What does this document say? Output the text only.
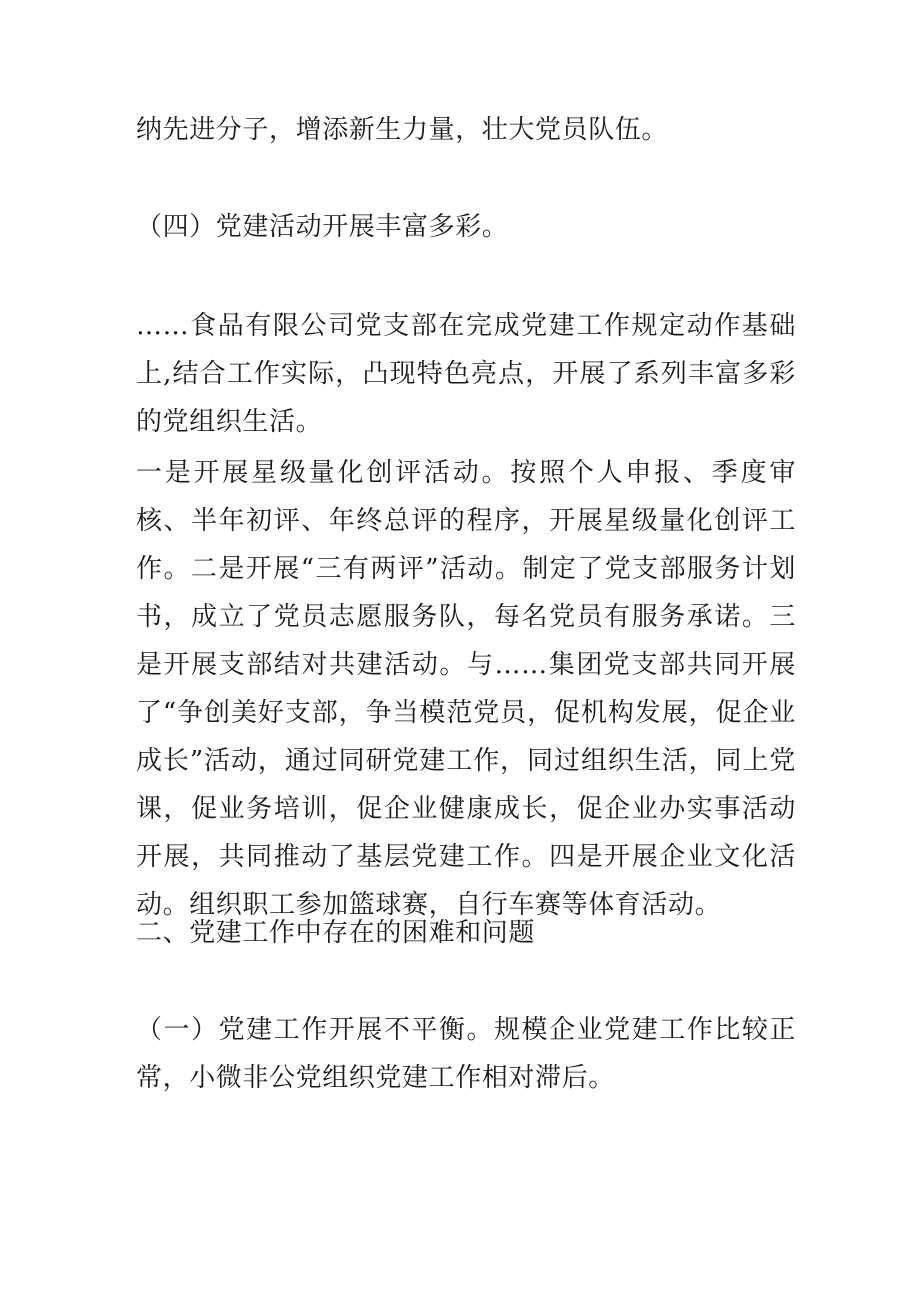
纳先进分子，增添新生力量，壮大党员队伍。

（四）党建活动开展丰富多彩。

……食品有限公司党支部在完成党建工作规定动作基础上,结合工作实际，凸现特色亮点，开展了系列丰富多彩的党组织生活。

一是开展星级量化创评活动。按照个人申报、季度审核、半年初评、年终总评的程序，开展星级量化创评工作。二是开展“三有两评”活动。制定了党支部服务计划书，成立了党员志愿服务队，每名党员有服务承诺。三是开展支部结对共建活动。与……集团党支部共同开展了“争创美好支部，争当模范党员，促机构发展，促企业成长”活动，通过同研党建工作，同过组织生活，同上党课，促业务培训，促企业健康成长，促企业办实事活动开展，共同推动了基层党建工作。四是开展企业文化活动。组织职工参加篮球赛，自行车赛等体育活动。

二、党建工作中存在的困难和问题

（一）党建工作开展不平衡。规模企业党建工作比较正常，小微非公党组织党建工作相对滞后。
